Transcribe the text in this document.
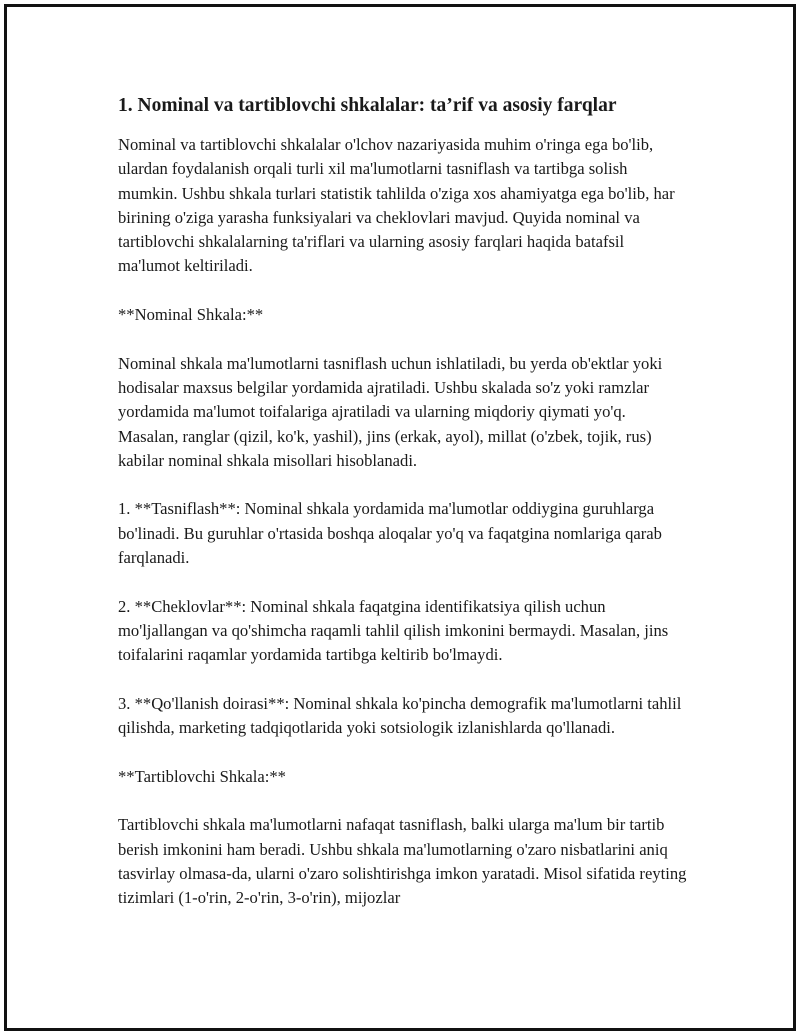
1. Nominal va tartiblovchi shkalalar: ta’rif va asosiy farqlar

Nominal va tartiblovchi shkalalar o'lchov nazariyasida muhim o'ringa ega bo'lib, ulardan foydalanish orqali turli xil ma'lumotlarni tasniflash va tartibga solish mumkin. Ushbu shkala turlari statistik tahlilda o'ziga xos ahamiyatga ega bo'lib, har birining o'ziga yarasha funksiyalari va cheklovlari mavjud. Quyida nominal va tartiblovchi shkalalarning ta'riflari va ularning asosiy farqlari haqida batafsil ma'lumot keltiriladi.

**Nominal Shkala:**

Nominal shkala ma'lumotlarni tasniflash uchun ishlatiladi, bu yerda ob'ektlar yoki hodisalar maxsus belgilar yordamida ajratiladi. Ushbu skalada so'z yoki ramzlar yordamida ma'lumot toifalariga ajratiladi va ularning miqdoriy qiymati yo'q. Masalan, ranglar (qizil, ko'k, yashil), jins (erkak, ayol), millat (o'zbek, tojik, rus) kabilar nominal shkala misollari hisoblanadi.

1. **Tasniflash**: Nominal shkala yordamida ma'lumotlar oddiygina guruhlarga bo'linadi. Bu guruhlar o'rtasida boshqa aloqalar yo'q va faqatgina nomlariga qarab farqlanadi.

2. **Cheklovlar**: Nominal shkala faqatgina identifikatsiya qilish uchun mo'ljallangan va qo'shimcha raqamli tahlil qilish imkonini bermaydi. Masalan, jins toifalarini raqamlar yordamida tartibga keltirib bo'lmaydi.

3. **Qo'llanish doirasi**: Nominal shkala ko'pincha demografik ma'lumotlarni tahlil qilishda, marketing tadqiqotlarida yoki sotsiologik izlanishlarda qo'llanadi.

**Tartiblovchi Shkala:**

Tartiblovchi shkala ma'lumotlarni nafaqat tasniflash, balki ularga ma'lum bir tartib berish imkonini ham beradi. Ushbu shkala ma'lumotlarning o'zaro nisbatlarini aniq tasvirlay olmasa-da, ularni o'zaro solishtirishga imkon yaratadi. Misol sifatida reyting tizimlari (1-o'rin, 2-o'rin, 3-o'rin), mijozlar
